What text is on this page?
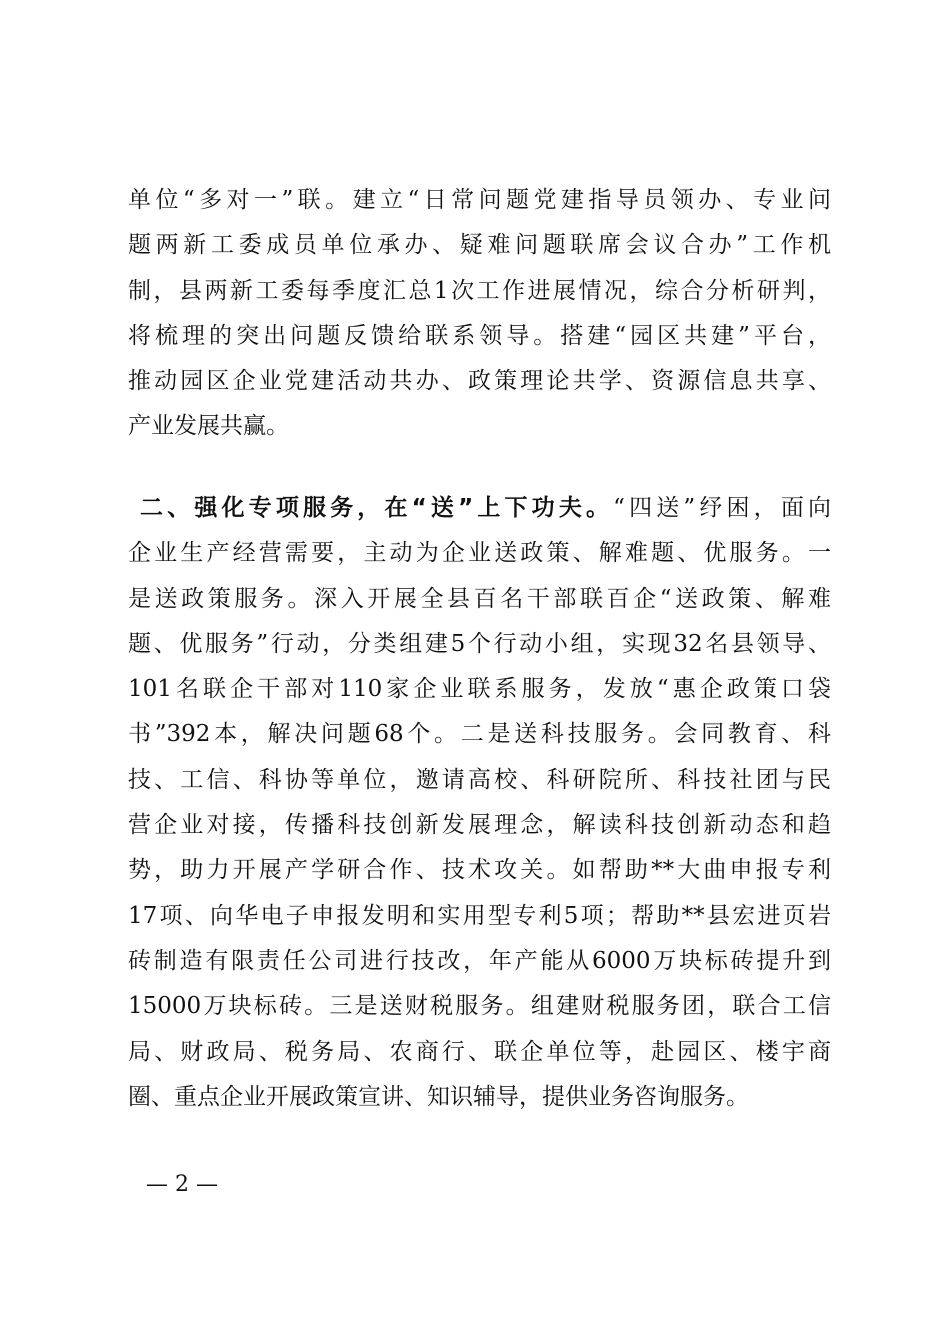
单位“多对一”联。建立“日常问题党建指导员领办、专业问
题两新工委成员单位承办、疑难问题联席会议合办”工作机
制，县两新工委每季度汇总1次工作进展情况，综合分析研判，
将梳理的突出问题反馈给联系领导。搭建“园区共建”平台，
推动园区企业党建活动共办、政策理论共学、资源信息共享、
产业发展共赢。
二、强化专项服务，在“送”上下功夫。“四送”纾困，面向
企业生产经营需要，主动为企业送政策、解难题、优服务。一
是送政策服务。深入开展全县百名干部联百企“送政策、解难
题、优服务”行动，分类组建5个行动小组，实现32名县领导、
101名联企干部对110家企业联系服务，发放“惠企政策口袋
书”392本，解决问题68个。二是送科技服务。会同教育、科
技、工信、科协等单位，邀请高校、科研院所、科技社团与民
营企业对接，传播科技创新发展理念，解读科技创新动态和趋
势，助力开展产学研合作、技术攻关。如帮助**大曲申报专利
17项、向华电子申报发明和实用型专利5项；帮助**县宏进页岩
砖制造有限责任公司进行技改，年产能从6000万块标砖提升到
15000万块标砖。三是送财税服务。组建财税服务团，联合工信
局、财政局、税务局、农商行、联企单位等，赴园区、楼宇商
圈、重点企业开展政策宣讲、知识辅导，提供业务咨询服务。
— 2 —
